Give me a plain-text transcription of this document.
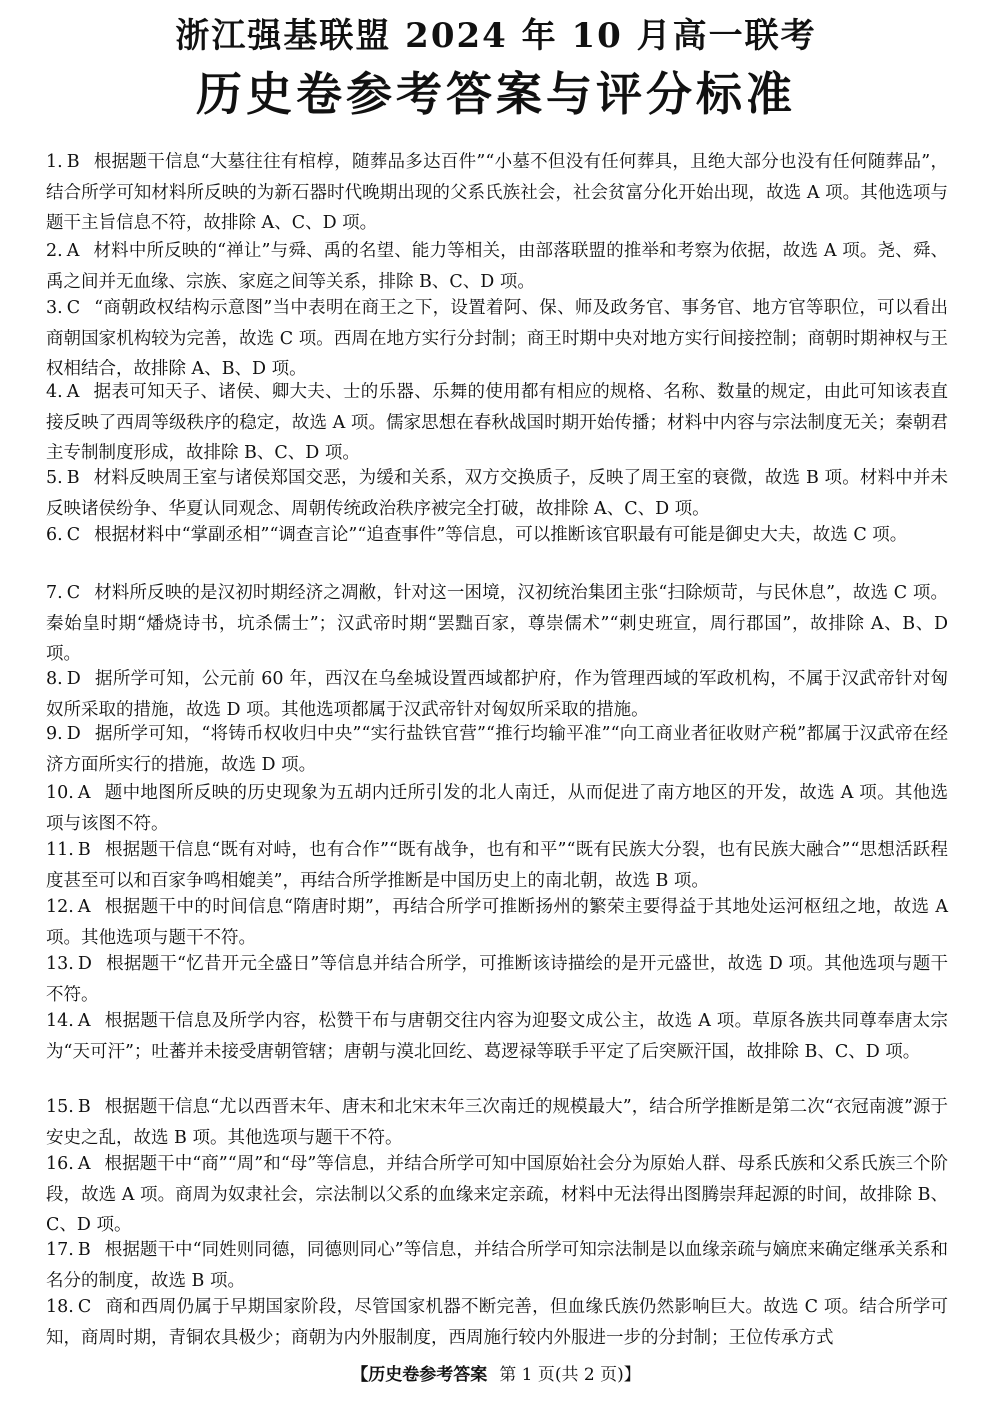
浙江强基联盟 2024 年 10 月高一联考
历史卷参考答案与评分标准
1. B 根据题干信息“大墓往往有棺椁，随葬品多达百件”“小墓不但没有任何葬具，且绝大部分也没有任何随葬品”，结合所学可知材料所反映的为新石器时代晚期出现的父系氏族社会，社会贫富分化开始出现，故选 A 项。其他选项与题干主旨信息不符，故排除 A、C、D 项。
2. A 材料中所反映的“禅让”与舜、禹的名望、能力等相关，由部落联盟的推举和考察为依据，故选 A 项。尧、舜、禹之间并无血缘、宗族、家庭之间等关系，排除 B、C、D 项。
3. C “商朝政权结构示意图”当中表明在商王之下，设置着阿、保、师及政务官、事务官、地方官等职位，可以看出商朝国家机构较为完善，故选 C 项。西周在地方实行分封制；商王时期中央对地方实行间接控制；商朝时期神权与王权相结合，故排除 A、B、D 项。
4. A 据表可知天子、诸侯、卿大夫、士的乐器、乐舞的使用都有相应的规格、名称、数量的规定，由此可知该表直接反映了西周等级秩序的稳定，故选 A 项。儒家思想在春秋战国时期开始传播；材料中内容与宗法制度无关；秦朝君主专制制度形成，故排除 B、C、D 项。
5. B 材料反映周王室与诸侯郑国交恶，为缓和关系，双方交换质子，反映了周王室的衰微，故选 B 项。材料中并未反映诸侯纷争、华夏认同观念、周朝传统政治秩序被完全打破，故排除 A、C、D 项。
6. C 根据材料中“掌副丞相”“调查言论”“追查事件”等信息，可以推断该官职最有可能是御史大夫，故选 C 项。
7. C 材料所反映的是汉初时期经济之凋敝，针对这一困境，汉初统治集团主张“扫除烦苛，与民休息”，故选 C 项。秦始皇时期“燔烧诗书，坑杀儒士”；汉武帝时期“罢黜百家，尊崇儒术”“刺史班宣，周行郡国”，故排除 A、B、D 项。
8. D 据所学可知，公元前 60 年，西汉在乌垒城设置西域都护府，作为管理西域的军政机构，不属于汉武帝针对匈奴所采取的措施，故选 D 项。其他选项都属于汉武帝针对匈奴所采取的措施。
9. D 据所学可知，“将铸币权收归中央”“实行盐铁官营”“推行均输平准”“向工商业者征收财产税”都属于汉武帝在经济方面所实行的措施，故选 D 项。
10. A 题中地图所反映的历史现象为五胡内迁所引发的北人南迁，从而促进了南方地区的开发，故选 A 项。其他选项与该图不符。
11. B 根据题干信息“既有对峙，也有合作”“既有战争，也有和平”“既有民族大分裂，也有民族大融合”“思想活跃程度甚至可以和百家争鸣相媲美”，再结合所学推断是中国历史上的南北朝，故选 B 项。
12. A 根据题干中的时间信息“隋唐时期”，再结合所学可推断扬州的繁荣主要得益于其地处运河枢纽之地，故选 A 项。其他选项与题干不符。
13. D 根据题干“忆昔开元全盛日”等信息并结合所学，可推断该诗描绘的是开元盛世，故选 D 项。其他选项与题干不符。
14. A 根据题干信息及所学内容，松赞干布与唐朝交往内容为迎娶文成公主，故选 A 项。草原各族共同尊奉唐太宗为“天可汗”；吐蕃并未接受唐朝管辖；唐朝与漠北回纥、葛逻禄等联手平定了后突厥汗国，故排除 B、C、D 项。
15. B 根据题干信息“尤以西晋末年、唐末和北宋末年三次南迁的规模最大”，结合所学推断是第二次“衣冠南渡”源于安史之乱，故选 B 项。其他选项与题干不符。
16. A 根据题干中“商”“周”和“母”等信息，并结合所学可知中国原始社会分为原始人群、母系氏族和父系氏族三个阶段，故选 A 项。商周为奴隶社会，宗法制以父系的血缘来定亲疏，材料中无法得出图腾崇拜起源的时间，故排除 B、C、D 项。
17. B 根据题干中“同姓则同德，同德则同心”等信息，并结合所学可知宗法制是以血缘亲疏与嫡庶来确定继承关系和名分的制度，故选 B 项。
18. C 商和西周仍属于早期国家阶段，尽管国家机器不断完善，但血缘氏族仍然影响巨大。故选 C 项。结合所学可知，商周时期，青铜农具极少；商朝为内外服制度，西周施行较内外服进一步的分封制；王位传承方式
【历史卷参考答案 第 1 页(共 2 页)】
